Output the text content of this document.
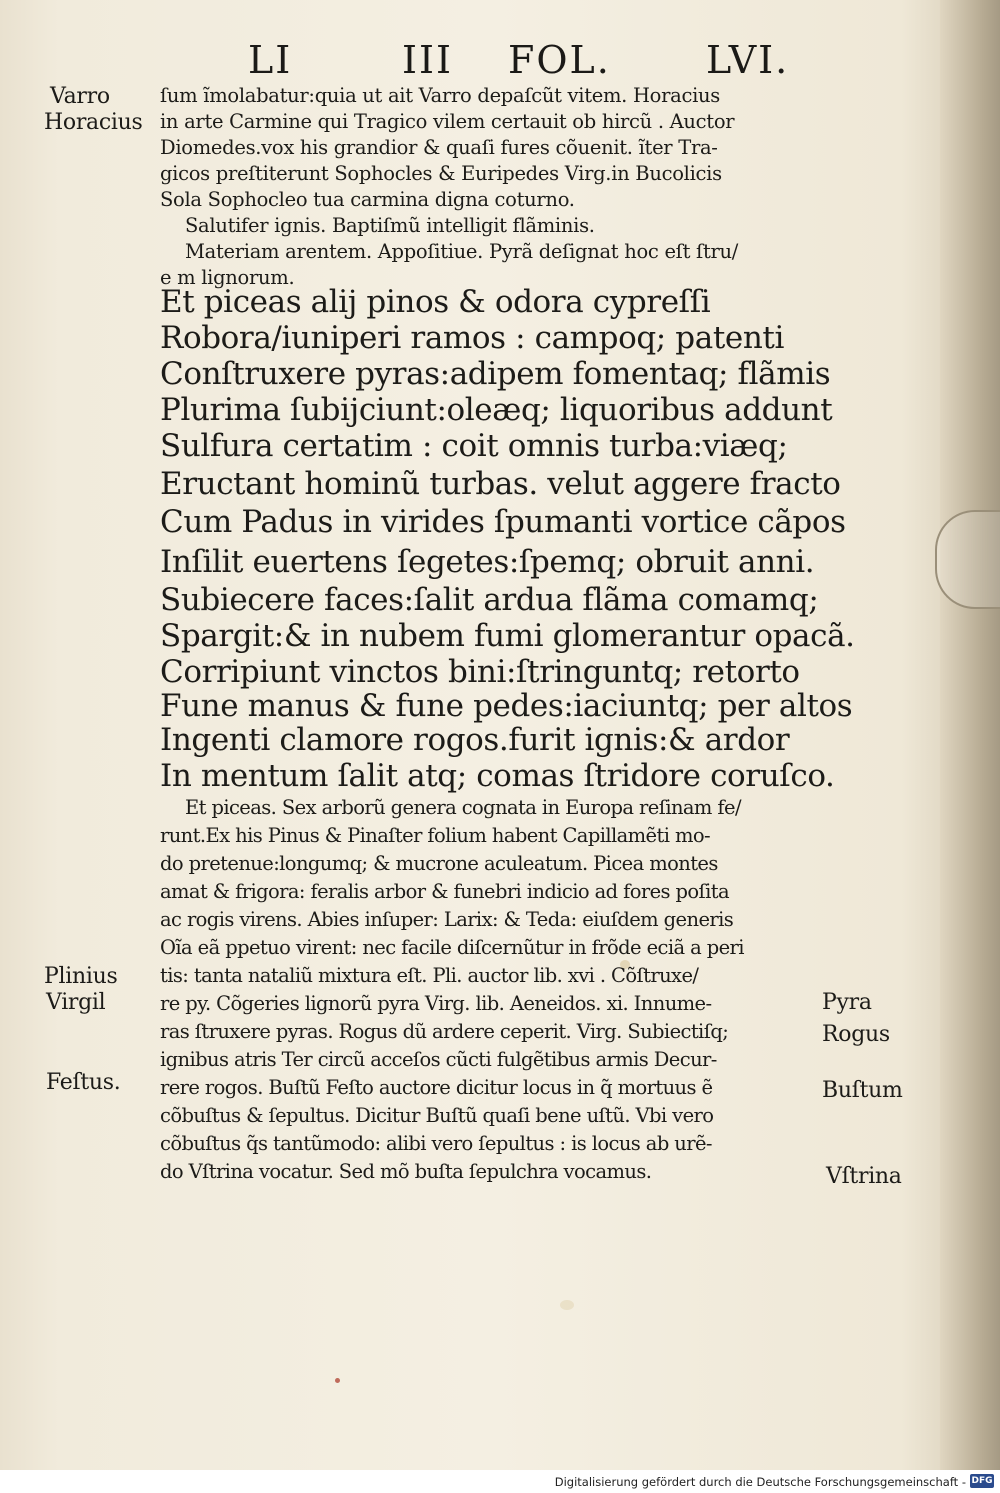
LI	III FOL.	LVI.
ſum ĩmolabatur:quia ut ait Varro depaſcũt vitem. Horacius
in arte Carmine qui Tragico vilem certauit ob hircũ . Auctor
Diomedes.vox his grandior & quaſi fures cõuenit. ĩter Tra-
gicos preſtiterunt Sophocles & Euripedes Virg.in Bucolicis
Sola Sophocleo tua carmina digna coturno.
Salutifer ignis. Baptiſmũ intelligit flãminis.
Materiam arentem. Appoſitiue. Pyrã deſignat hoc eſt ſtru/
e m lignorum.
Et piceas alij pinos & odora cypreſſi
Robora/iuniperi ramos : campoq; patenti
Conſtruxere pyras:adipem fomentaq; flãmis
Plurima ſubijciunt:oleæq; liquoribus addunt
Sulfura certatim : coit omnis turba:viæq;
Eructant hominũ turbas. velut aggere fracto
Cum Padus in virides ſpumanti vortice cãpos
Inſilit euertens ſegetes:ſpemq; obruit anni.
Subiecere faces:ſalit ardua flãma comamq;
Spargit:& in nubem fumi glomerantur opacã.
Corripiunt vinctos bini:ſtringuntq; retorto
Fune manus & fune pedes:iaciuntq; per altos
Ingenti clamore rogos.furit ignis:& ardor
In mentum ſalit atq; comas ſtridore coruſco.
Et piceas. Sex arborũ genera cognata in Europa reſinam fe/
runt.Ex his Pinus & Pinaſter folium habent Capillamẽti mo-
do pretenue:longumq; & mucrone aculeatum. Picea montes
amat & frigora: feralis arbor & funebri indicio ad fores poſita
ac rogis virens. Abies inſuper: Larix: & Teda: eiuſdem generis
Oĩa eã ppetuo virent: nec facile diſcernũtur in frõde eciã a peri
tis: tanta nataliũ mixtura eſt. Pli. auctor lib. xvi . Cõſtruxe/
re py. Cõgeries lignorũ pyra Virg. lib. Aeneidos. xi. Innume-
ras ſtruxere pyras. Rogus dũ ardere ceperit. Virg. Subiectiſq;
ignibus atris Ter circũ acceſos cũcti fulgẽtibus armis Decur-
rere rogos. Buſtũ Feſto auctore dicitur locus in q̃ mortuus ẽ
cõbuſtus & ſepultus. Dicitur Buſtũ quaſi bene uſtũ. Vbi vero
cõbuſtus q̃s tantũmodo: alibi vero ſepultus : is locus ab urẽ-
do Vſtrina vocatur. Sed mõ buſta ſepulchra vocamus.
Varro
Horacius
Plinius
Virgil
Feſtus.
Pyra
Rogus
Buſtum
Vſtrina
Digitalisierung gefördert durch die Deutsche Forschungsgemeinschaft - DFG
